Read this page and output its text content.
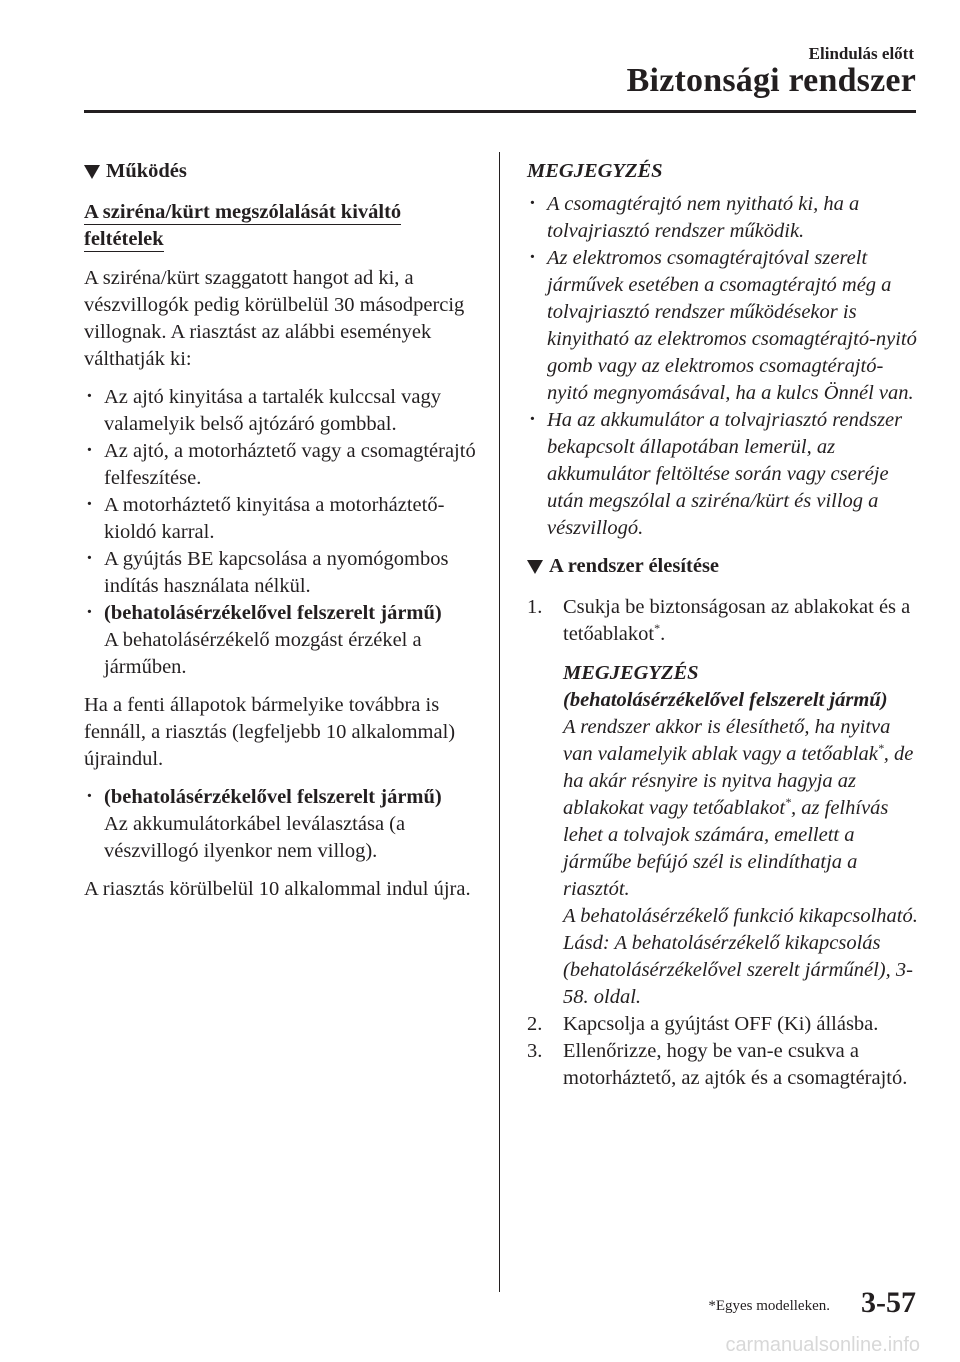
Elindulás előtt
Biztonsági rendszer
Működés
A sziréna/kürt megszólalását kiváltó feltételek

A sziréna/kürt szaggatott hangot ad ki, a vészvillogók pedig körülbelül 30 másodpercig villognak. A riasztást az alábbi események válthatják ki:

· Az ajtó kinyitása a tartalék kulccsal vagy valamelyik belső ajtózáró gombbal.
· Az ajtó, a motorháztető vagy a csomagtérajtó felfeszítése.
· A motorháztető kinyitása a motorháztető-kioldó karral.
· A gyújtás BE kapcsolása a nyomógombos indítás használata nélkül.
· (behatolásérzékelővel felszerelt jármű)
A behatolásérzékelő mozgást érzékel a járműben.

Ha a fenti állapotok bármelyike továbbra is fennáll, a riasztás (legfeljebb 10 alkalommal) újraindul.

· (behatolásérzékelővel felszerelt jármű)
Az akkumulátorkábel leválasztása (a vészvillogó ilyenkor nem villog).

A riasztás körülbelül 10 alkalommal indul újra.

MEGJEGYZÉS
· A csomagtérajtó nem nyitható ki, ha a tolvajriasztó rendszer működik.
· Az elektromos csomagtérajtóval szerelt járművek esetében a csomagtérajtó még a tolvajriasztó rendszer működésekor is kinyitható az elektromos csomagtérajtó-nyitó gomb vagy az elektromos csomagtérajtó-nyitó megnyomásával, ha a kulcs Önnél van.
· Ha az akkumulátor a tolvajriasztó rendszer bekapcsolt állapotában lemerül, az akkumulátor feltöltése során vagy cseréje után megszólal a sziréna/kürt és villog a vészvillogó.
A rendszer élesítése
1. Csukja be biztonságosan az ablakokat és a tetőablakot*.
MEGJEGYZÉS
(behatolásérzékelővel felszerelt jármű)
A rendszer akkor is élesíthető, ha nyitva van valamelyik ablak vagy a tetőablak*, de ha akár résnyire is nyitva hagyja az ablakokat vagy tetőablakot*, az felhívás lehet a tolvajok számára, emellett a járműbe befújó szél is elindíthatja a riasztót.
A behatolásérzékelő funkció kikapcsolható.
Lásd: A behatolásérzékelő kikapcsolás (behatolásérzékelővel szerelt járműnél), 3-58. oldal.
2. Kapcsolja a gyújtást OFF (Ki) állásba.
3. Ellenőrizze, hogy be van-e csukva a motorháztető, az ajtók és a csomagtérajtó.
*Egyes modelleken. 3-57
carmanualsonline.info
